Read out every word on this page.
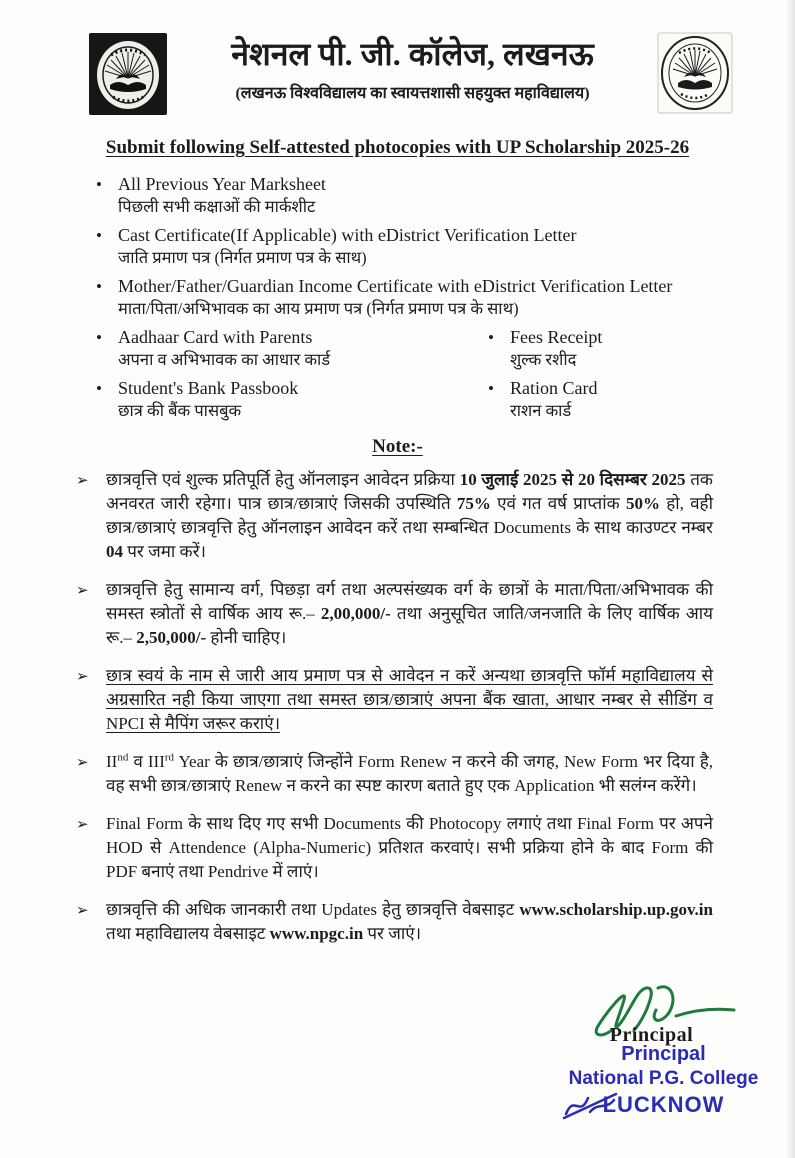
नेशनल पी. जी. कॉलेज, लखनऊ
(लखनऊ विश्वविद्यालय का स्वायत्तशासी सहयुक्त महाविद्यालय)
Submit following Self-attested photocopies with UP Scholarship 2025-26
• All Previous Year Marksheet
पिछली सभी कक्षाओं की मार्कशीट
• Cast Certificate(If Applicable) with eDistrict Verification Letter
जाति प्रमाण पत्र (निर्गत प्रमाण पत्र के साथ)
• Mother/Father/Guardian Income Certificate with eDistrict Verification Letter
माता/पिता/अभिभावक का आय प्रमाण पत्र (निर्गत प्रमाण पत्र के साथ)
• Aadhaar Card with Parents
अपना व अभिभावक का आधार कार्ड
• Student's Bank Passbook
छात्र की बैंक पासबुक
• Fees Receipt
शुल्क रशीद
• Ration Card
राशन कार्ड
Note:-
➢	छात्रवृत्ति एवं शुल्क प्रतिपूर्ति हेतु ऑनलाइन आवेदन प्रक्रिया 10 जुलाई 2025 से 20 दिसम्बर 2025 तक अनवरत जारी रहेगा। पात्र छात्र/छात्राएं जिसकी उपस्थिति 75% एवं गत वर्ष प्राप्तांक 50% हो, वही छात्र/छात्राएं छात्रवृत्ति हेतु ऑनलाइन आवेदन करें तथा सम्बन्धित Documents के साथ काउण्टर नम्बर 04 पर जमा करें।
➢	छात्रवृत्ति हेतु सामान्य वर्ग, पिछड़ा वर्ग तथा अल्पसंख्यक वर्ग के छात्रों के माता/पिता/अभिभावक की समस्त स्त्रोतों से वार्षिक आय रू.– 2,00,000/- तथा अनुसूचित जाति/जनजाति के लिए वार्षिक आय रू.– 2,50,000/- होनी चाहिए।
➢	छात्र स्वयं के नाम से जारी आय प्रमाण पत्र से आवेदन न करें अन्यथा छात्रवृत्ति फॉर्म महाविद्यालय से अग्रसारित नही किया जाएगा तथा समस्त छात्र/छात्राएं अपना बैंक खाता, आधार नम्बर से सीडिंग व NPCI से मैपिंग जरूर कराएं।
➢	IInd व IIIrd Year के छात्र/छात्राएं जिन्होंने Form Renew न करने की जगह, New Form भर दिया है, वह सभी छात्र/छात्राएं Renew न करने का स्पष्ट कारण बताते हुए एक Application भी सलंग्न करेंगे।
➢	Final Form के साथ दिए गए सभी Documents की Photocopy लगाएं तथा Final Form पर अपने HOD से Attendence (Alpha-Numeric) प्रतिशत करवाएं। सभी प्रक्रिया होने के बाद Form की PDF बनाएं तथा Pendrive में लाएं।
➢	छात्रवृत्ति की अधिक जानकारी तथा Updates हेतु छात्रवृत्ति वेबसाइट www.scholarship.up.gov.in तथा महाविद्यालय वेबसाइट www.npgc.in पर जाएं।
Principal
Principal
National P.G. College
LUCKNOW
